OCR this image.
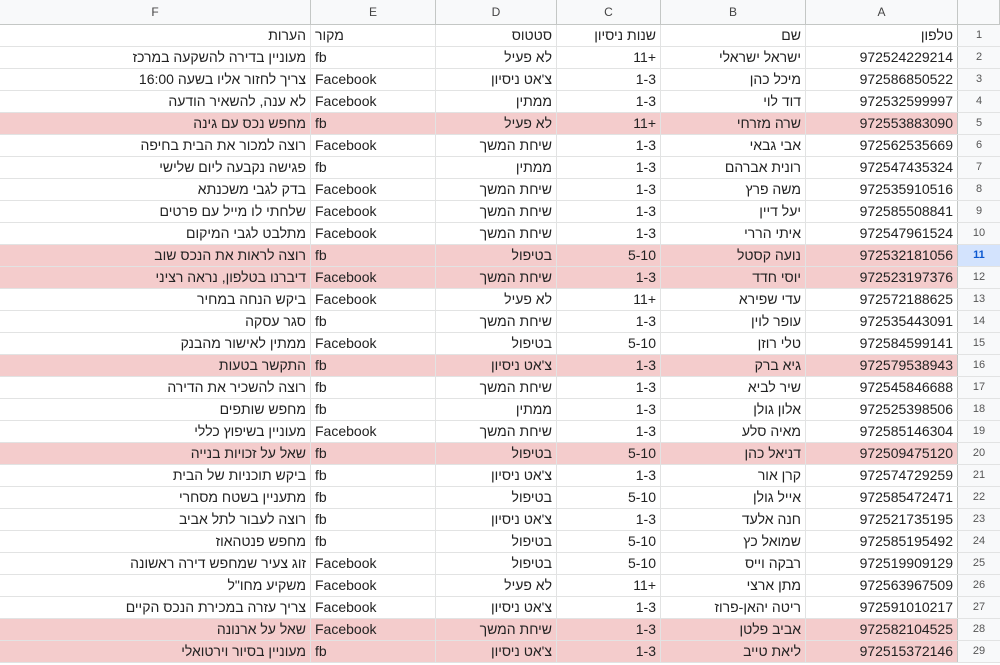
F	E	D	C	B	A
הערות מקור	סטטוס	שנות ניסיון	שם	טלפון	1
מעוניין בדירה להשקעה במרכז fb	לא פעיל	11+	ישראל ישראלי	972524229214	2
צריך לחזור אליו בשעה 16:00 Facebook	צ'אט ניסיון	1-3	מיכל כהן	972586850522	3
לא ענה, להשאיר הודעה Facebook	ממתין	1-3	דוד לוי	972532599997	4
מחפש נכס עם גינה fb	לא פעיל	11+	שרה מזרחי	972553883090	5
רוצה למכור את הבית בחיפה Facebook	שיחת המשך	1-3	אבי גבאי	972562535669	6
פגישה נקבעה ליום שלישי fb	ממתין	1-3	רונית אברהם	972547435324	7
בדק לגבי משכנתא Facebook	שיחת המשך	1-3	משה פרץ	972535910516	8
שלחתי לו מייל עם פרטים Facebook	שיחת המשך	1-3	יעל דיין	972585508841	9
מתלבט לגבי המיקום Facebook	שיחת המשך	1-3	איתי הררי	972547961524	10
רוצה לראות את הנכס שוב fb	בטיפול	5-10	נועה קסטל	972532181056	11
דיברנו בטלפון, נראה רציני Facebook	שיחת המשך	1-3	יוסי חדד	972523197376	12
ביקש הנחה במחיר Facebook	לא פעיל	11+	עדי שפירא	972572188625	13
סגר עסקה fb	שיחת המשך	1-3	עופר לוין	972535443091	14
ממתין לאישור מהבנק Facebook	בטיפול	5-10	טלי רוזן	972584599141	15
התקשר בטעות fb	צ'אט ניסיון	1-3	גיא ברק	972579538943	16
רוצה להשכיר את הדירה fb	שיחת המשך	1-3	שיר לביא	972545846688	17
מחפש שותפים fb	ממתין	1-3	אלון גולן	972525398506	18
מעוניין בשיפוץ כללי Facebook	שיחת המשך	1-3	מאיה סלע	972585146304	19
שאל על זכויות בנייה fb	בטיפול	5-10	דניאל כהן	972509475120	20
ביקש תוכניות של הבית fb	צ'אט ניסיון	1-3	קרן אור	972574729259	21
מתעניין בשטח מסחרי fb	בטיפול	5-10	אייל גולן	972585472471	22
רוצה לעבור לתל אביב fb	צ'אט ניסיון	1-3	חנה אלעד	972521735195	23
מחפש פנטהאוז fb	בטיפול	5-10	שמואל כץ	972585195492	24
זוג צעיר שמחפש דירה ראשונה Facebook	בטיפול	5-10	רבקה וייס	972519909129	25
משקיע מחו"ל Facebook	לא פעיל	11+	מתן ארצי	972563967509	26
צריך עזרה במכירת הנכס הקיים Facebook	צ'אט ניסיון	1-3	ריטה יהאן-פרוז	972591010217	27
שאל על ארנונה Facebook	שיחת המשך	1-3	אביב פלטן	972582104525	28
מעוניין בסיור וירטואלי fb	צ'אט ניסיון	1-3	ליאת טייב	972515372146	29
